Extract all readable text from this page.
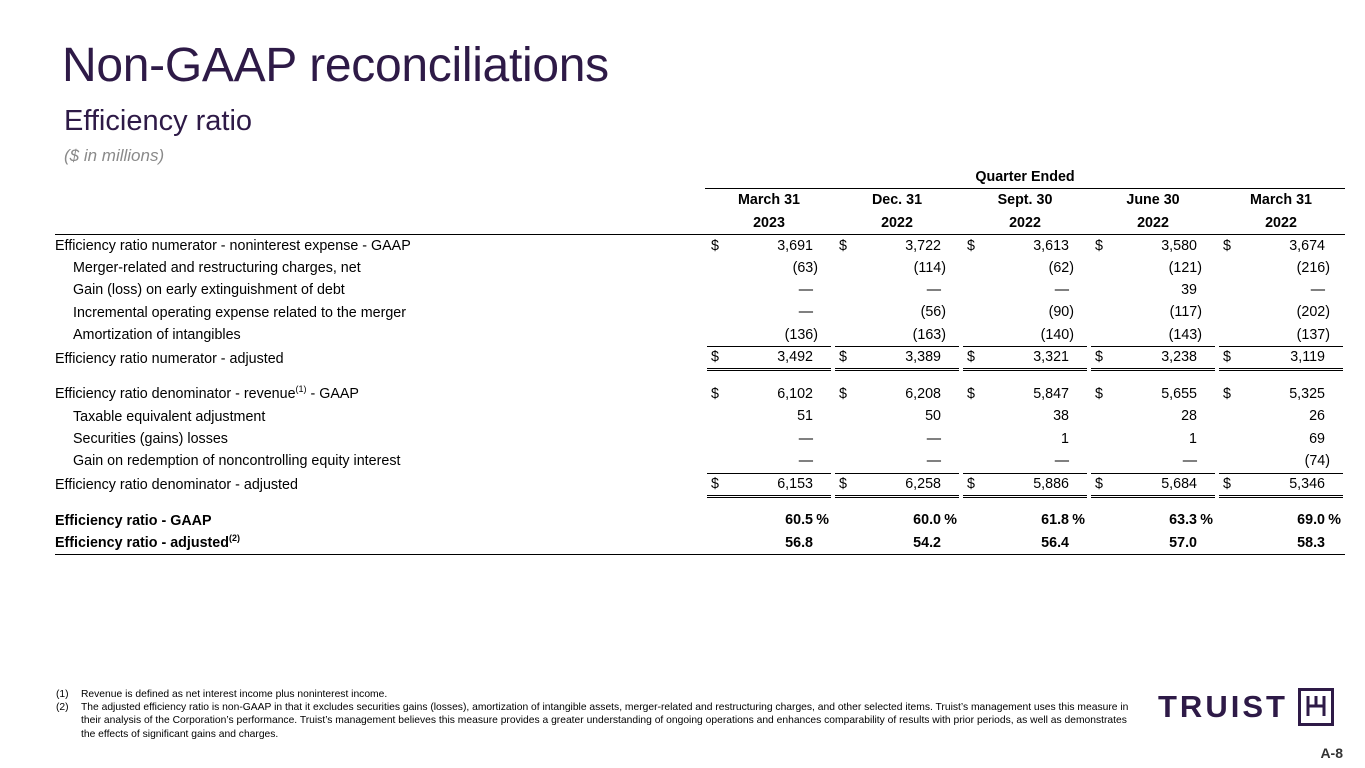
Non-GAAP reconciliations
Efficiency ratio
($ in millions)
	Quarter Ended				
	March 31	Dec. 31	Sept. 30	June 30	March 31
	2023	2022	2022	2022	2022
Efficiency ratio numerator - noninterest expense - GAAP	$ 3,691	$ 3,722	$ 3,613	$ 3,580	$ 3,674

Merger-related and restructuring charges, net	(63)	(114)	(62)	(121)	(216)

Gain (loss) on early extinguishment of debt	—	—	—	39	—

Incremental operating expense related to the merger	—	(56)	(90)	(117)	(202)

Amortization of intangibles	(136)	(163)	(140)	(143)	(137)

Efficiency ratio numerator - adjusted	$ 3,492	$ 3,389	$ 3,321	$ 3,238	$ 3,119

Efficiency ratio denominator - revenue$^{(1)}$ - GAAP	$ 6,102	$ 6,208	$ 5,847	$ 5,655	$ 5,325

Taxable equivalent adjustment	51	50	38	28	26

Securities (gains) losses	—	—	1	1	69

Gain on redemption of noncontrolling equity interest	—	—	—	—	(74)

Efficiency ratio denominator - adjusted	$ 6,153	$ 6,258	$ 5,886	$ 5,684	$ 5,346

Efficiency ratio - GAAP	60.5 %	60.0 %	61.8 %	63.3 %	69.0 %

Efficiency ratio - adjusted$^{(2)}$	56.8	54.2	56.4	57.0	58.3
(1)	Revenue is defined as net interest income plus noninterest income.
(2)	The adjusted efficiency ratio is non-GAAP in that it excludes securities gains (losses), amortization of intangible assets, merger-related and restructuring charges, and other selected items. Truist’s management uses this measure in their analysis of the Corporation’s performance. Truist’s management believes this measure provides a greater understanding of ongoing operations and enhances comparability of results with prior periods, as well as demonstrates the effects of significant gains and charges.
TRUIST
A-8
